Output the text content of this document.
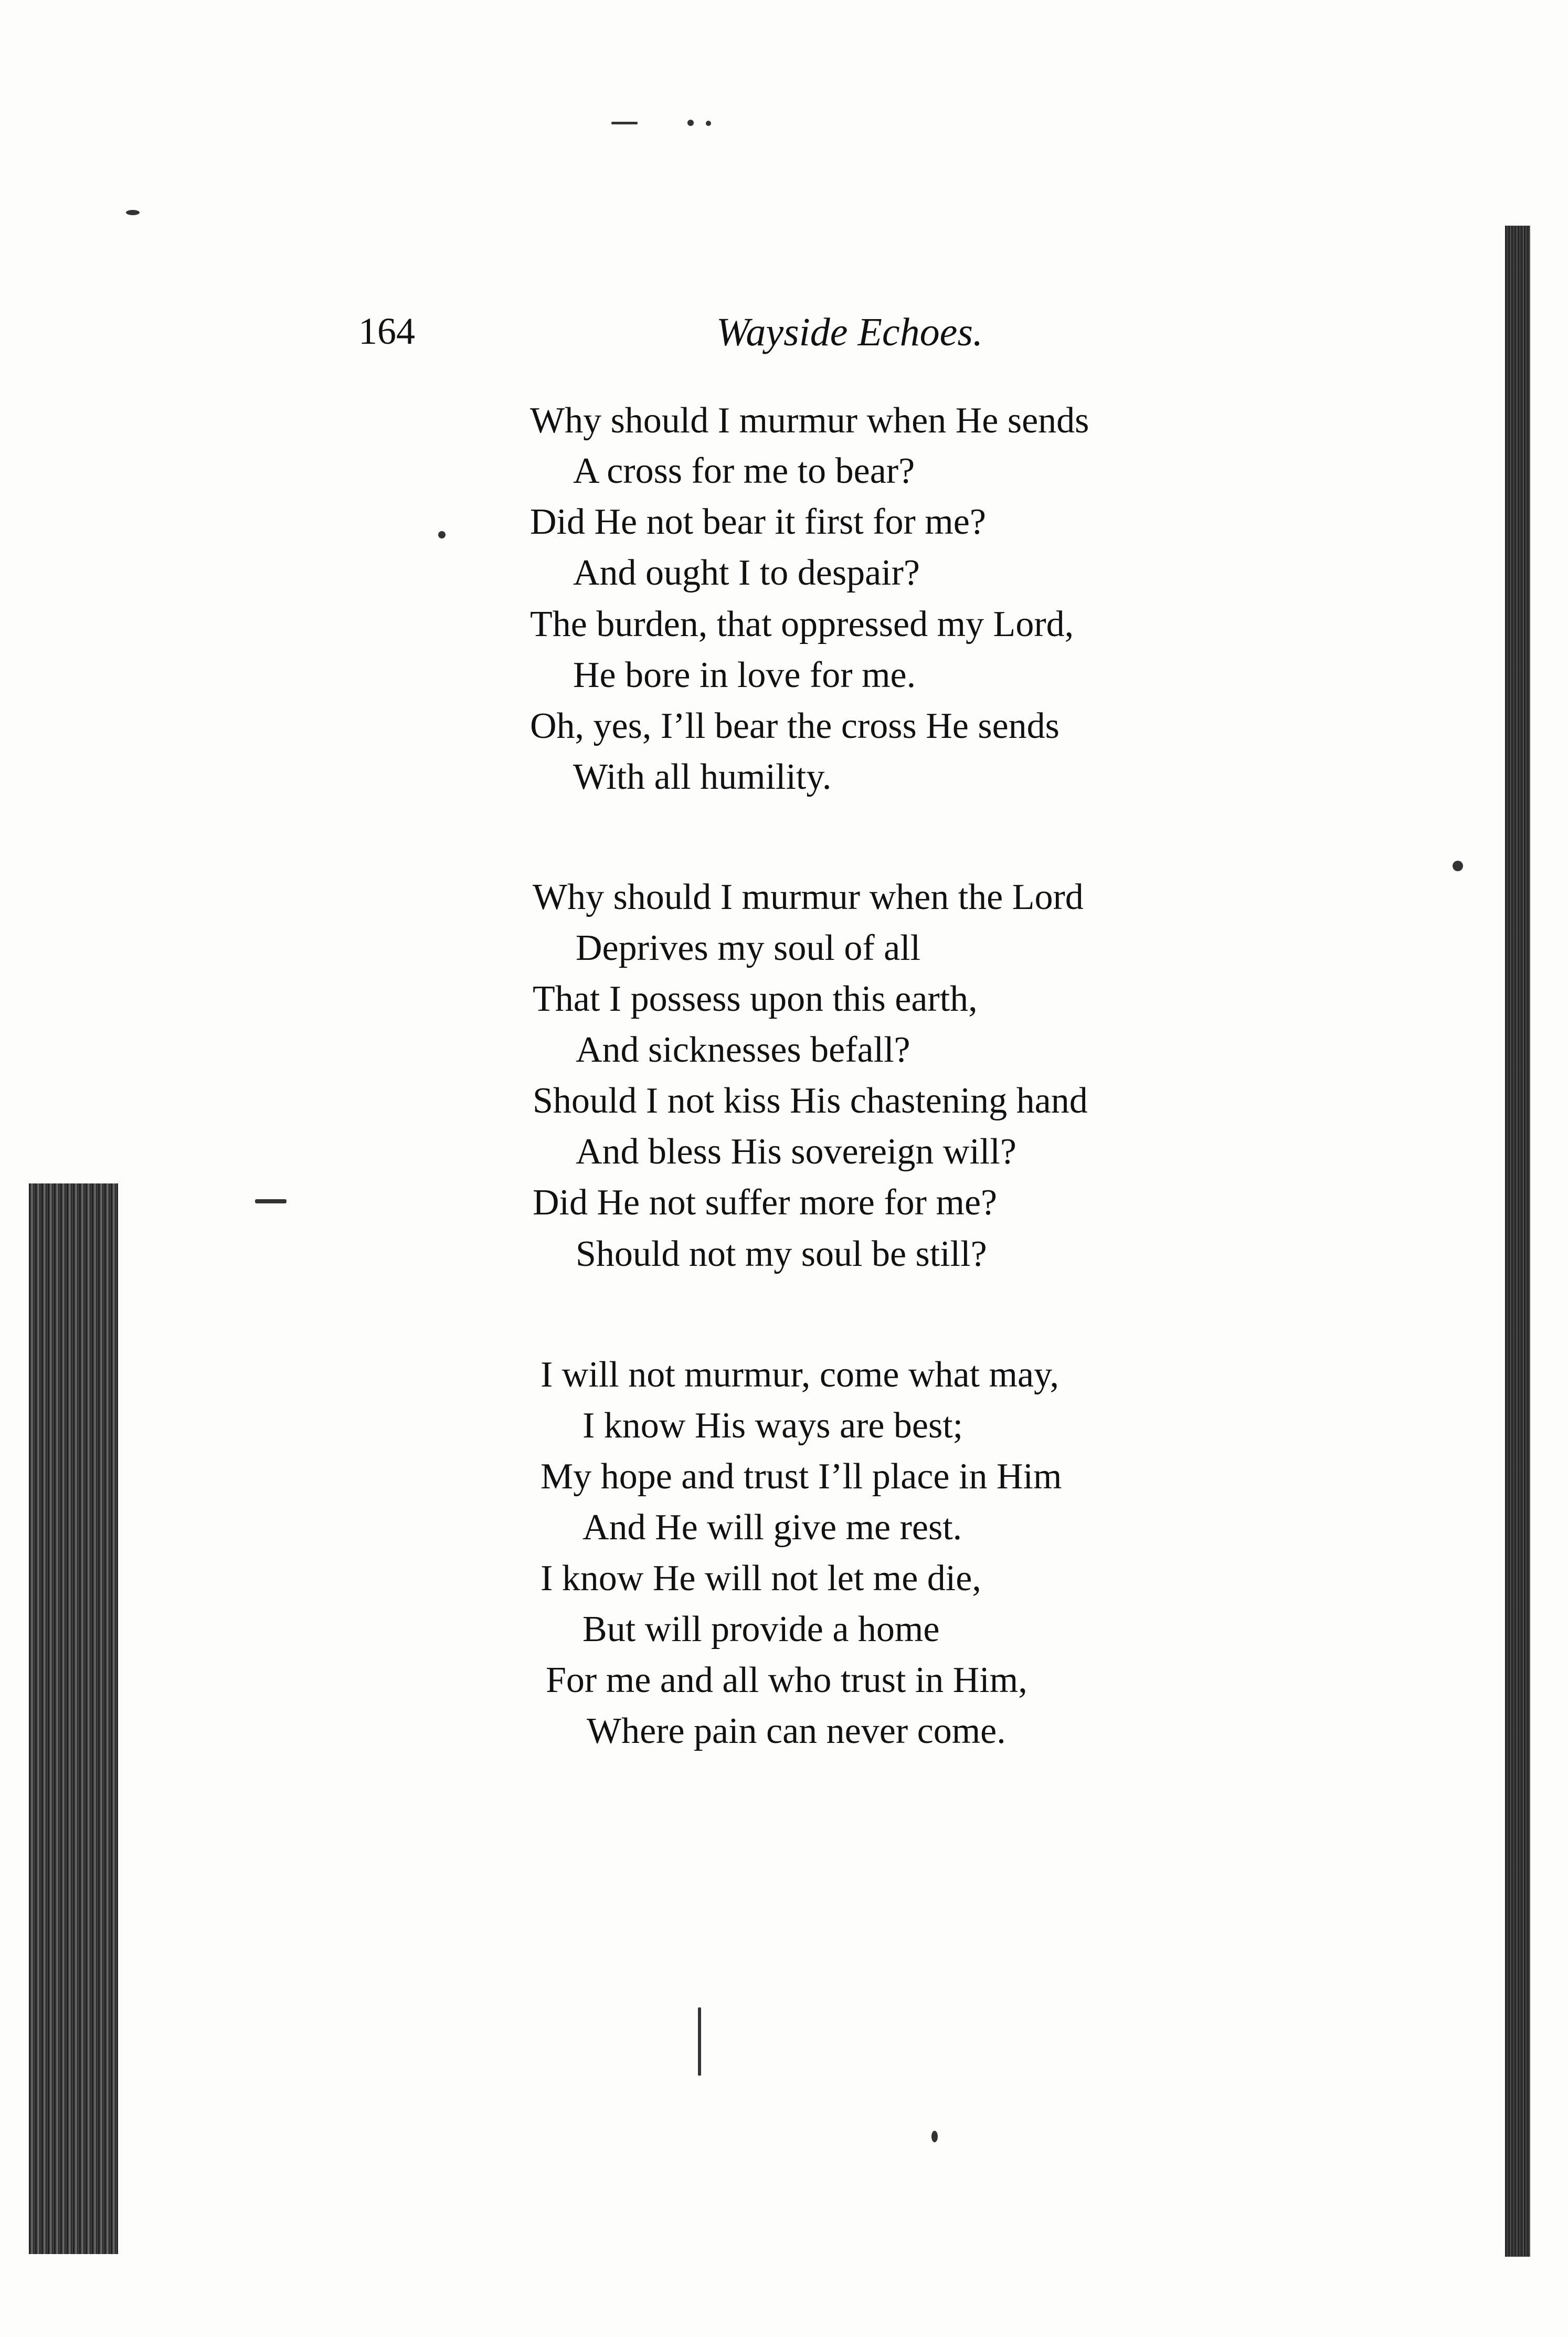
164	Wayside Echoes.
Why should I murmur when He sends
A cross for me to bear?
Did He not bear it first for me?
And ought I to despair?
The burden, that oppressed my Lord,
He bore in love for me.
Oh, yes, I’ll bear the cross He sends
With all humility.
Why should I murmur when the Lord
Deprives my soul of all
That I possess upon this earth,
And sicknesses befall?
Should I not kiss His chastening hand
And bless His sovereign will?
Did He not suffer more for me?
Should not my soul be still?
I will not murmur, come what may,
I know His ways are best;
My hope and trust I’ll place in Him
And He will give me rest.
I know He will not let me die,
But will provide a home
For me and all who trust in Him,
Where pain can never come.
